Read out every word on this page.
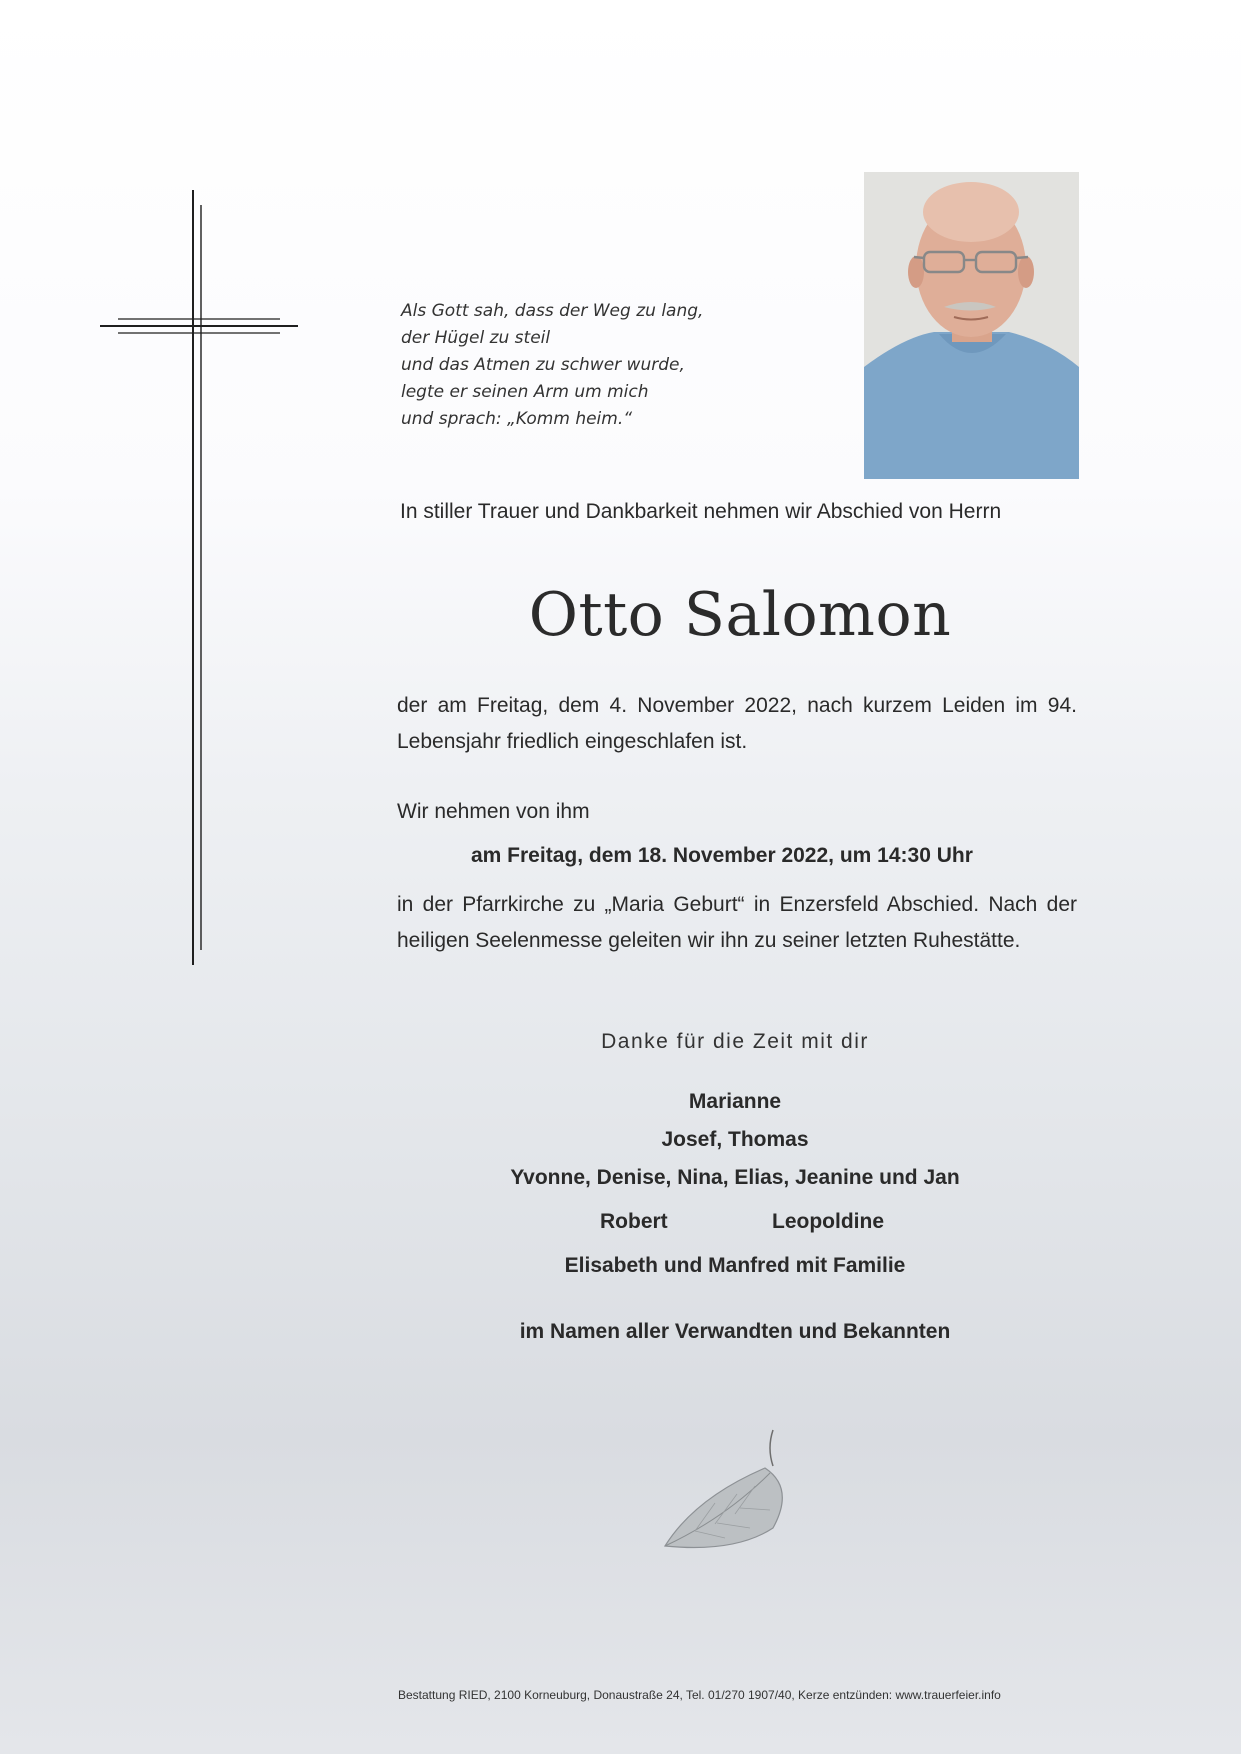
Als Gott sah, dass der Weg zu lang,
der Hügel zu steil
und das Atmen zu schwer wurde,
legte er seinen Arm um mich
und sprach: „Komm heim.“
In stiller Trauer und Dankbarkeit nehmen wir Abschied von Herrn
Otto Salomon
der am Freitag, dem 4. November 2022, nach kurzem Leiden im 94. Lebensjahr friedlich eingeschlafen ist.
Wir nehmen von ihm
am Freitag, dem 18. November 2022, um 14:30 Uhr
in der Pfarrkirche zu „Maria Geburt“ in Enzersfeld Abschied. Nach der heiligen Seelenmesse geleiten wir ihn zu seiner letzten Ruhestätte.
Danke für die Zeit mit dir
Marianne
Josef, Thomas
Yvonne, Denise, Nina, Elias, Jeanine und Jan
Robert	Leopoldine
Elisabeth und Manfred mit Familie
im Namen aller Verwandten und Bekannten
Bestattung RIED, 2100 Korneuburg, Donaustraße 24, Tel. 01/270 1907/40, Kerze entzünden: www.trauerfeier.info
